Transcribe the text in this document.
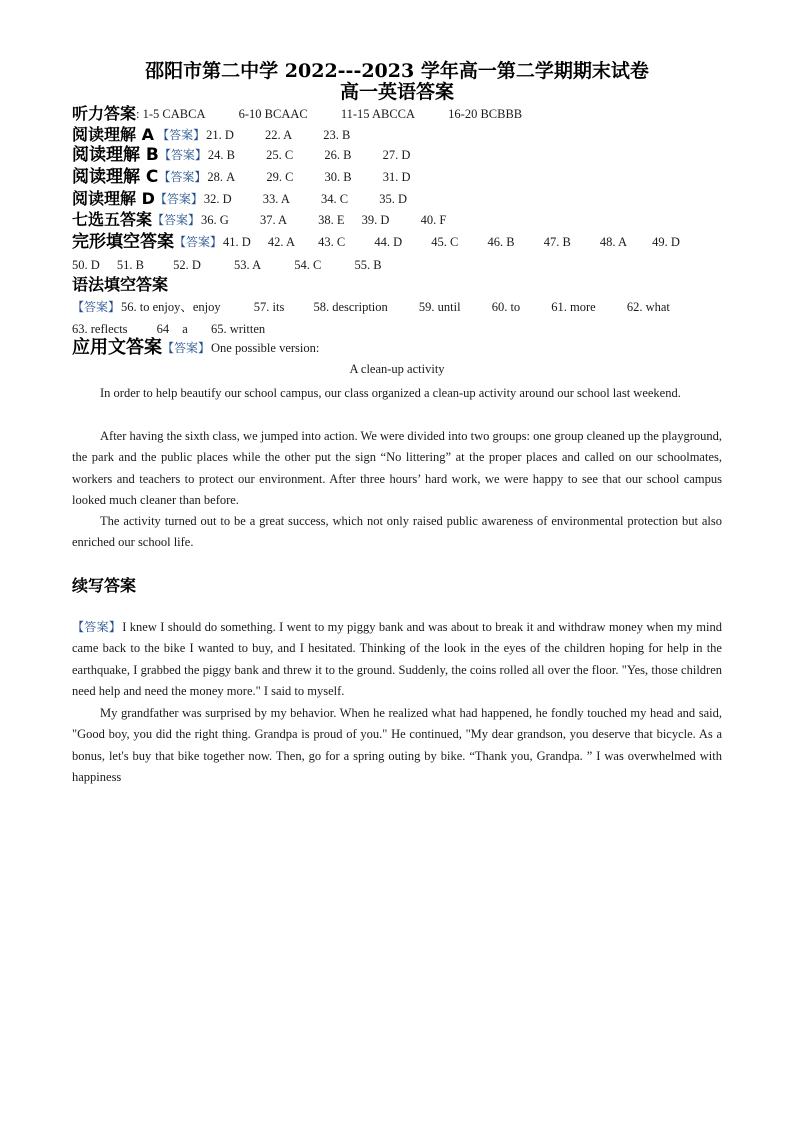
邵阳市第二中学 2022---2023 学年高一第二学期期末试卷
高一英语答案
听力答案: 1-5 CABCA	6-10 BCAAC	11-15 ABCCA	16-20 BCBBB
阅读理解 A 【答案】21. D 22. A 23. B
阅读理解 B【答案】24. B 25. C 26. B 27. D
阅读理解 C【答案】28. A 29. C 30. B 31. D
阅读理解 D【答案】32. D 33. A 34. C 35. D
七选五答案【答案】36. G 37. A 38. E 39. D 40. F
完形填空答案【答案】41. D 42. A 43. C 44. D 45. C 46. B 47. B 48. A 49. D
50. D 51. B 52. D	53. A	54. C	55. B
语法填空答案
【答案】56. to enjoy、enjoy	57. its 58. description 59. until 60. to 61. more 62. what
63. reflects 64 a 65. written
应用文答案【答案】One possible version:
A clean-up activity
In order to help beautify our school campus, our class organized a clean-up activity around our school last weekend.
After having the sixth class, we jumped into action. We were divided into two groups: one group cleaned up the playground, the park and the public places while the other put the sign “No littering” at the proper places and called on our schoolmates, workers and teachers to protect our environment. After three hours’ hard work, we were happy to see that our school campus looked much cleaner than before.
The activity turned out to be a great success, which not only raised public awareness of environmental protection but also enriched our school life.
续写答案
【答案】I knew I should do something. I went to my piggy bank and was about to break it and withdraw money when my mind came back to the bike I wanted to buy, and I hesitated. Thinking of the look in the eyes of the children hoping for help in the earthquake, I grabbed the piggy bank and threw it to the ground. Suddenly, the coins rolled all over the floor. "Yes, those children need help and need the money more." I said to myself.
My grandfather was surprised by my behavior. When he realized what had happened, he fondly touched my head and said, "Good boy, you did the right thing. Grandpa is proud of you." He continued, "My dear grandson, you deserve that bicycle. As a bonus, let's buy that bike together now. Then, go for a spring outing by bike. “Thank you, Grandpa. ” I was overwhelmed with happiness
